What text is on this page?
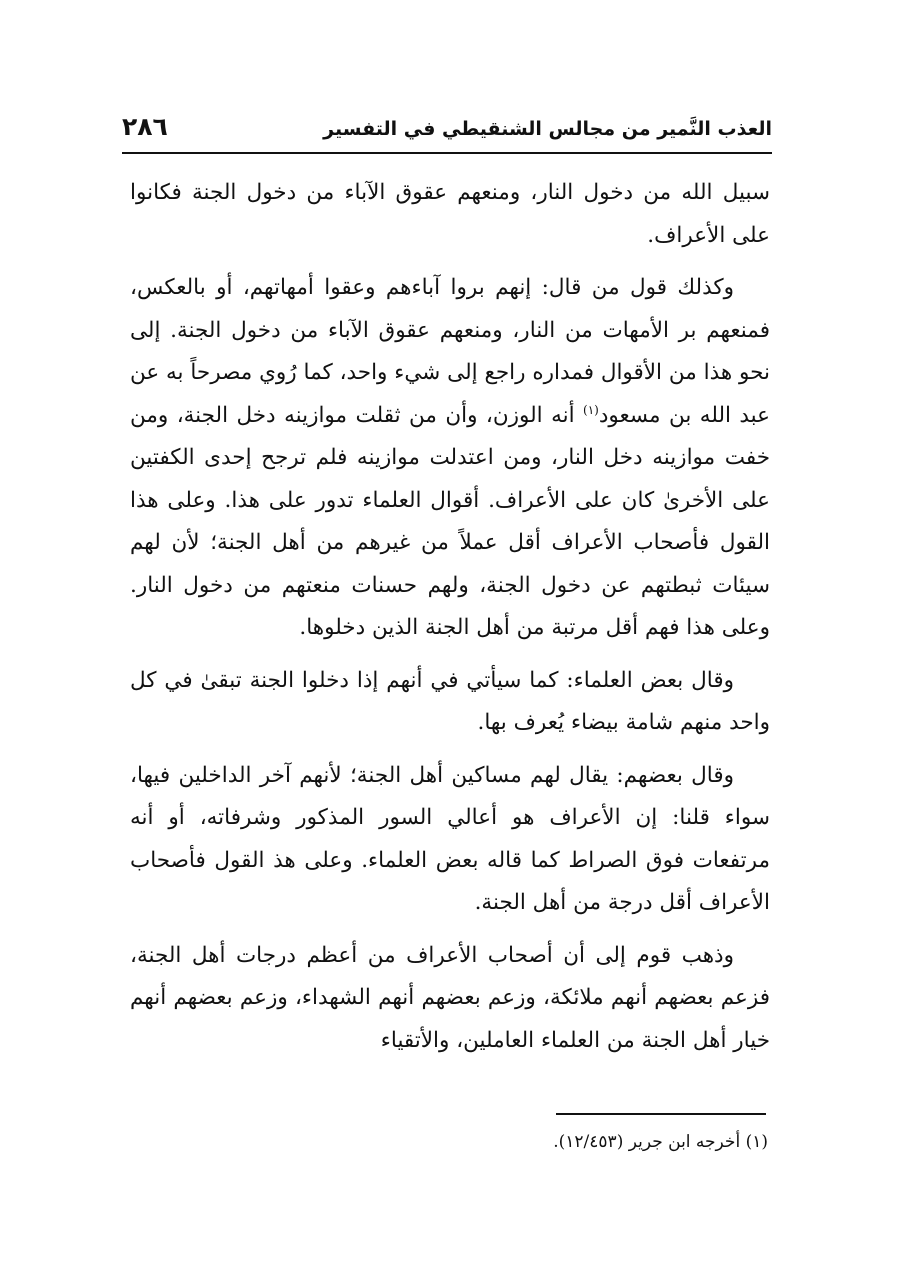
العذب النَّمير من مجالس الشنقيطي في التفسير
٢٨٦

سبيل الله من دخول النار، ومنعهم عقوق الآباء من دخول الجنة فكانوا على الأعراف.

وكذلك قول من قال: إنهم بروا آباءهم وعقوا أمهاتهم، أو بالعكس، فمنعهم بر الأمهات من النار، ومنعهم عقوق الآباء من دخول الجنة. إلى نحو هذا من الأقوال فمداره راجع إلى شيء واحد، كما رُوي مصرحاً به عن عبد الله بن مسعود$^{(١)}$ أنه الوزن، وأن من ثقلت موازينه دخل الجنة، ومن خفت موازينه دخل النار، ومن اعتدلت موازينه فلم ترجح إحدى الكفتين على الأخرىٰ كان على الأعراف. أقوال العلماء تدور على هذا. وعلى هذا القول فأصحاب الأعراف أقل عملاً من غيرهم من أهل الجنة؛ لأن لهم سيئات ثبطتهم عن دخول الجنة، ولهم حسنات منعتهم من دخول النار. وعلى هذا فهم أقل مرتبة من أهل الجنة الذين دخلوها.

وقال بعض العلماء: كما سيأتي في أنهم إذا دخلوا الجنة تبقىٰ في كل واحد منهم شامة بيضاء يُعرف بها.

وقال بعضهم: يقال لهم مساكين أهل الجنة؛ لأنهم آخر الداخلين فيها، سواء قلنا: إن الأعراف هو أعالي السور المذكور وشرفاته، أو أنه مرتفعات فوق الصراط كما قاله بعض العلماء. وعلى هذ القول فأصحاب الأعراف أقل درجة من أهل الجنة.

وذهب قوم إلى أن أصحاب الأعراف من أعظم درجات أهل الجنة، فزعم بعضهم أنهم ملائكة، وزعم بعضهم أنهم الشهداء، وزعم بعضهم أنهم خيار أهل الجنة من العلماء العاملين، والأتقياء

(١) أخرجه ابن جرير (١٢/٤٥٣).
